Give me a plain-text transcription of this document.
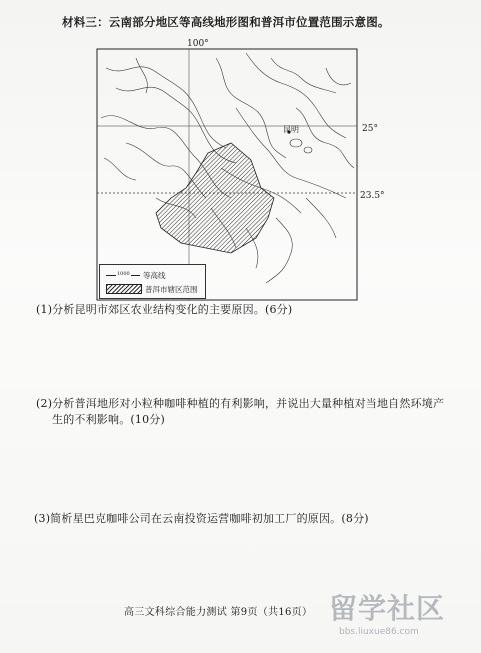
材料三：云南部分地区等高线地形图和普洱市位置范围示意图。
100°
25°
23.5°
昆明
1000 等高线
普洱市辖区范围
(1)分析昆明市郊区农业结构变化的主要原因。(6分)
(2)分析普洱地形对小粒种咖啡种植的有利影响，并说出大量种植对当地自然环境产
生的不利影响。(10分)
(3)简析星巴克咖啡公司在云南投资运营咖啡初加工厂的原因。(8分)
高三文科综合能力测试 第9页（共16页） 留学社区
bbs.liuxue86.com
